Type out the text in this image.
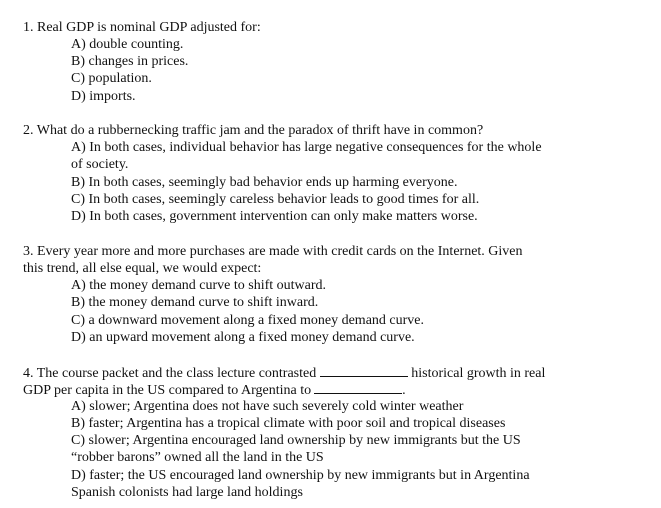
1. Real GDP is nominal GDP adjusted for:
A) double counting.
B) changes in prices.
C) population.
D) imports.
2. What do a rubbernecking traffic jam and the paradox of thrift have in common?
A) In both cases, individual behavior has large negative consequences for the whole
of society.
B) In both cases, seemingly bad behavior ends up harming everyone.
C) In both cases, seemingly careless behavior leads to good times for all.
D) In both cases, government intervention can only make matters worse.
3. Every year more and more purchases are made with credit cards on the Internet. Given
this trend, all else equal, we would expect:
A) the money demand curve to shift outward.
B) the money demand curve to shift inward.
C) a downward movement along a fixed money demand curve.
D) an upward movement along a fixed money demand curve.
4. The course packet and the class lecture contrasted	historical growth in real
GDP per capita in the US compared to Argentina to	.
A) slower; Argentina does not have such severely cold winter weather
B) faster; Argentina has a tropical climate with poor soil and tropical diseases
C) slower; Argentina encouraged land ownership by new immigrants but the US
“robber barons” owned all the land in the US
D) faster; the US encouraged land ownership by new immigrants but in Argentina
Spanish colonists had large land holdings
